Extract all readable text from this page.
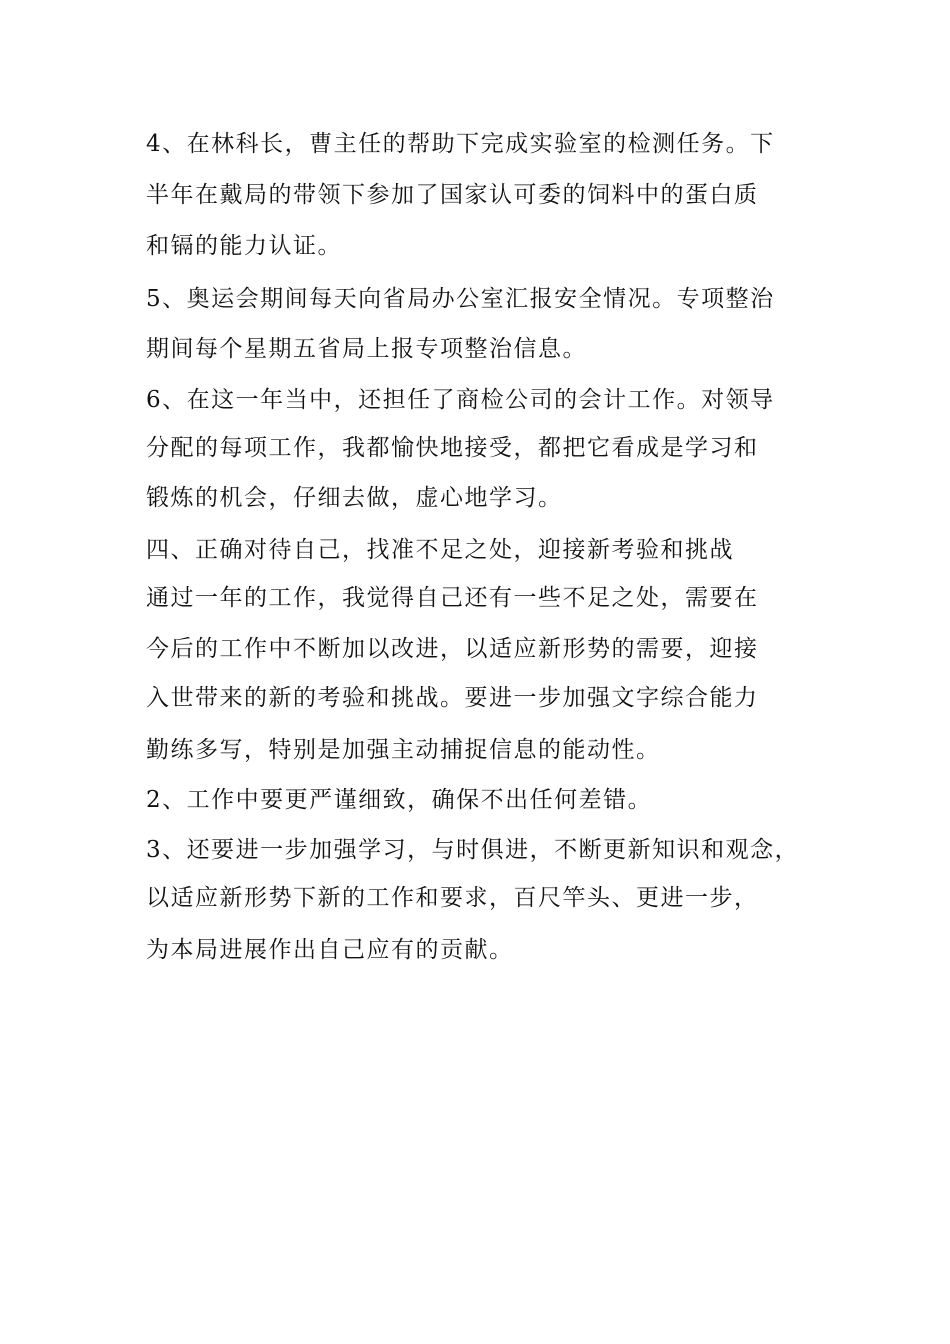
4、在林科长，曹主任的帮助下完成实验室的检测任务。下
半年在戴局的带领下参加了国家认可委的饲料中的蛋白质
和镉的能力认证。
5、奥运会期间每天向省局办公室汇报安全情况。专项整治
期间每个星期五省局上报专项整治信息。
6、在这一年当中，还担任了商检公司的会计工作。对领导
分配的每项工作，我都愉快地接受，都把它看成是学习和
锻炼的机会，仔细去做，虚心地学习。
四、正确对待自己，找准不足之处，迎接新考验和挑战
通过一年的工作，我觉得自己还有一些不足之处，需要在
今后的工作中不断加以改进，以适应新形势的需要，迎接
入世带来的新的考验和挑战。要进一步加强文字综合能力
勤练多写，特别是加强主动捕捉信息的能动性。
2、工作中要更严谨细致，确保不出任何差错。
3、还要进一步加强学习，与时俱进，不断更新知识和观念，
以适应新形势下新的工作和要求，百尺竿头、更进一步，
为本局进展作出自己应有的贡献。
